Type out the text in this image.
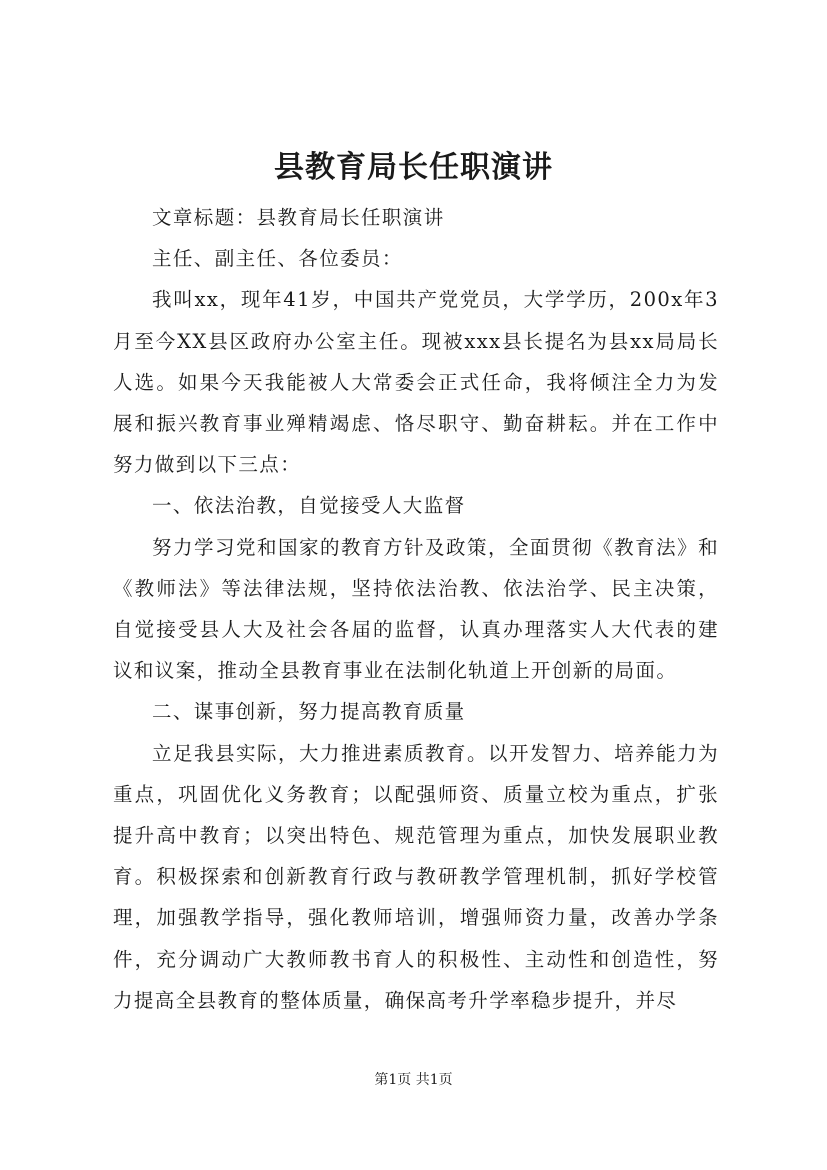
县教育局长任职演讲

文章标题：县教育局长任职演讲

主任、副主任、各位委员：

我叫xx，现年41岁，中国共产党党员，大学学历，200x年3月至今XX县区政府办公室主任。现被xxx县长提名为县xx局局长人选。如果今天我能被人大常委会正式任命，我将倾注全力为发展和振兴教育事业殚精竭虑、恪尽职守、勤奋耕耘。并在工作中努力做到以下三点：

一、依法治教，自觉接受人大监督

努力学习党和国家的教育方针及政策，全面贯彻《教育法》和《教师法》等法律法规，坚持依法治教、依法治学、民主决策，自觉接受县人大及社会各届的监督，认真办理落实人大代表的建议和议案，推动全县教育事业在法制化轨道上开创新的局面。

二、谋事创新，努力提高教育质量

立足我县实际，大力推进素质教育。以开发智力、培养能力为重点，巩固优化义务教育；以配强师资、质量立校为重点，扩张提升高中教育；以突出特色、规范管理为重点，加快发展职业教育。积极探索和创新教育行政与教研教学管理机制，抓好学校管理，加强教学指导，强化教师培训，增强师资力量，改善办学条件，充分调动广大教师教书育人的积极性、主动性和创造性，努力提高全县教育的整体质量，确保高考升学率稳步提升，并尽

第1页 共1页
